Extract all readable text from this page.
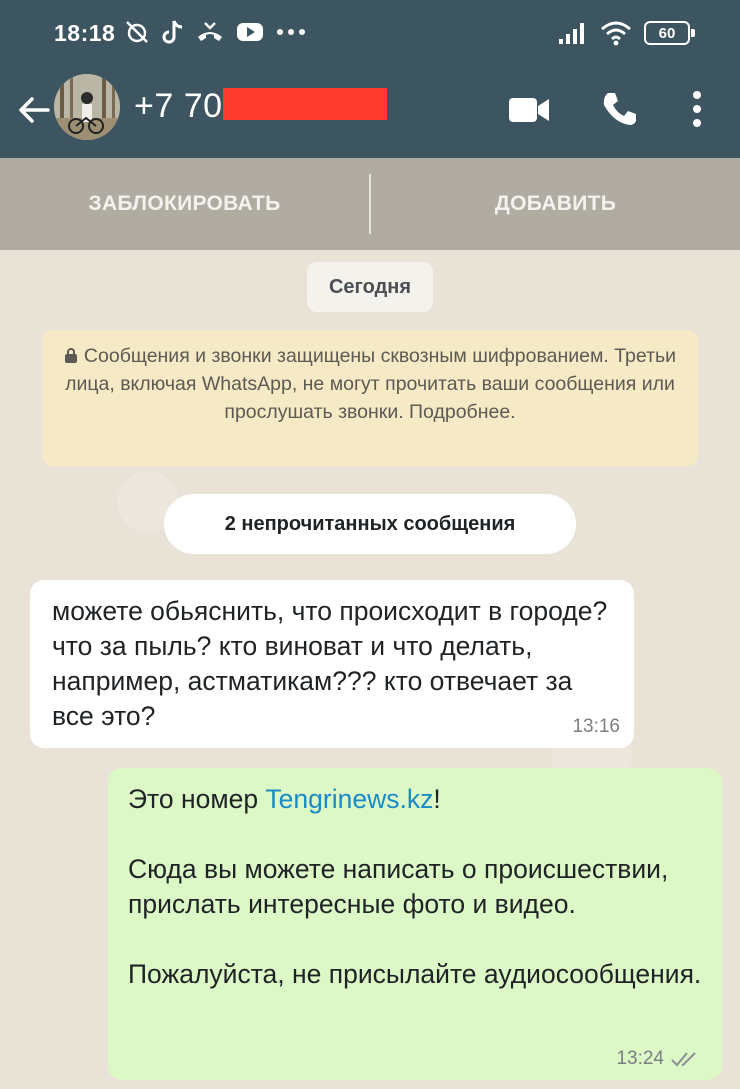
18:18	60
+7 70
ЗАБЛОКИРОВАТЬ	ДОБАВИТЬ
Сегодня
Сообщения и звонки защищены сквозным шифрованием. Третьи лица, включая WhatsApp, не могут прочитать ваши сообщения или прослушать звонки. Подробнее.
2 непрочитанных сообщения
можете обьяснить, что происходит в городе? что за пыль? кто виноват и что делать, например, астматикам??? кто отвечает за все это?	13:16

Это номер Tengrinews.kz!

Сюда вы можете написать о происшествии, прислать интересные фото и видео.

Пожалуйста, не присылайте аудиосообщения.

13:24
